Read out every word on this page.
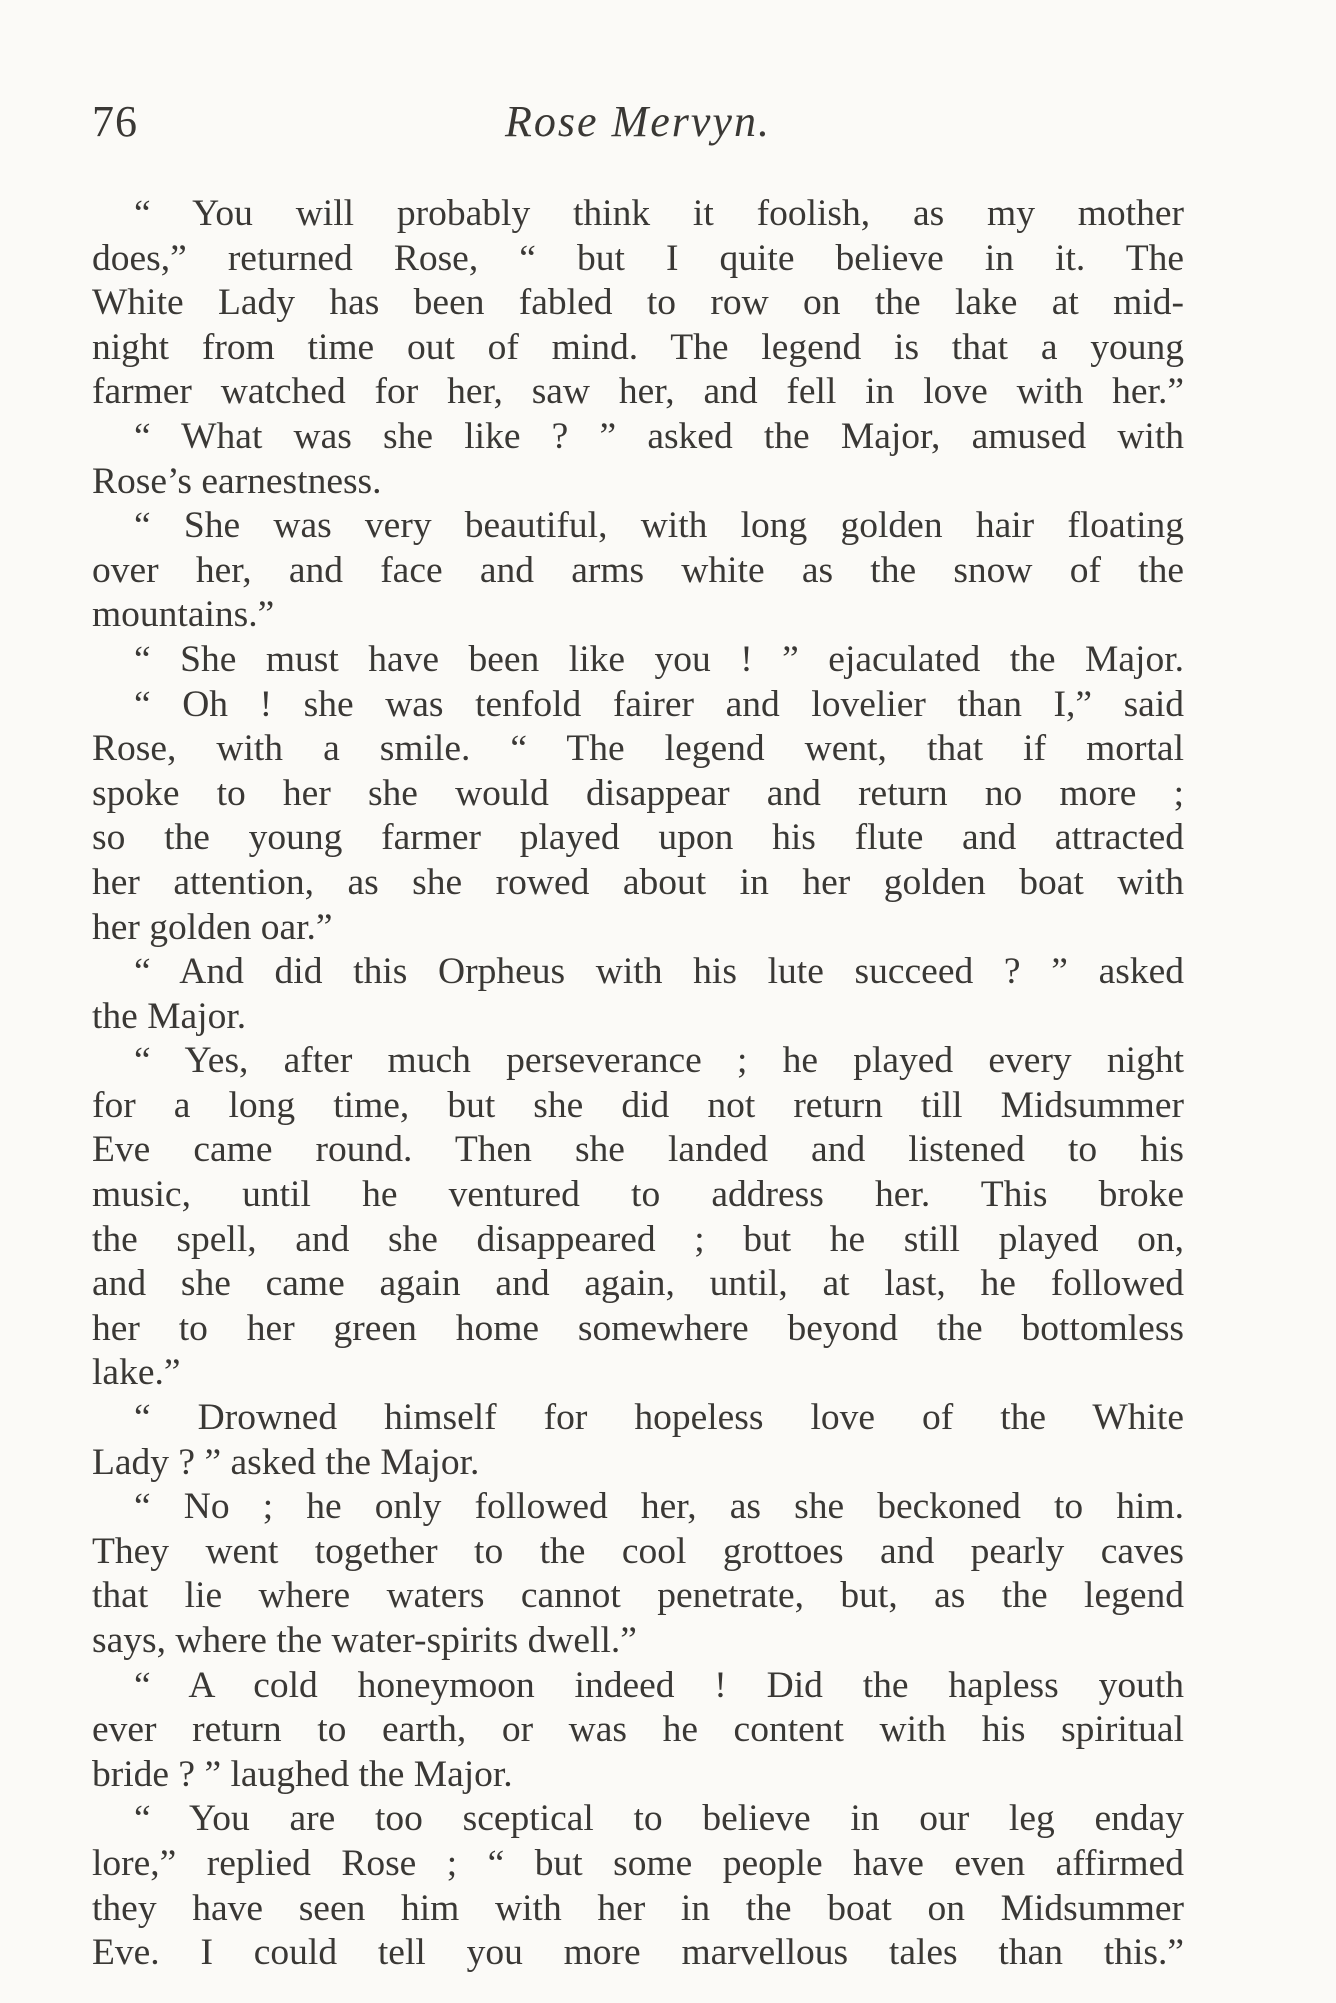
76	Rose Mervyn.
“ You will probably think it foolish, as my mother
does,” returned Rose, “ but I quite believe in it. The
White Lady has been fabled to row on the lake at mid-
night from time out of mind. The legend is that a young
farmer watched for her, saw her, and fell in love with her.”
“ What was she like ? ” asked the Major, amused with
Rose’s earnestness.
“ She was very beautiful, with long golden hair floating
over her, and face and arms white as the snow of the
mountains.”
“ She must have been like you ! ” ejaculated the Major.
“ Oh ! she was tenfold fairer and lovelier than I,” said
Rose, with a smile. “ The legend went, that if mortal
spoke to her she would disappear and return no more ;
so the young farmer played upon his flute and attracted
her attention, as she rowed about in her golden boat with
her golden oar.”
“ And did this Orpheus with his lute succeed ? ” asked
the Major.
“ Yes, after much perseverance ; he played every night
for a long time, but she did not return till Midsummer
Eve came round. Then she landed and listened to his
music, until he ventured to address her. This broke
the spell, and she disappeared ; but he still played on,
and she came again and again, until, at last, he followed
her to her green home somewhere beyond the bottomless
lake.”
“ Drowned himself for hopeless love of the White
Lady ? ” asked the Major.
“ No ; he only followed her, as she beckoned to him.
They went together to the cool grottoes and pearly caves
that lie where waters cannot penetrate, but, as the legend
says, where the water-spirits dwell.”
“ A cold honeymoon indeed ! Did the hapless youth
ever return to earth, or was he content with his spiritual
bride ? ” laughed the Major.
“ You are too sceptical to believe in our leg enday
lore,” replied Rose ; “ but some people have even affirmed
they have seen him with her in the boat on Midsummer
Eve. I could tell you more marvellous tales than this.”
